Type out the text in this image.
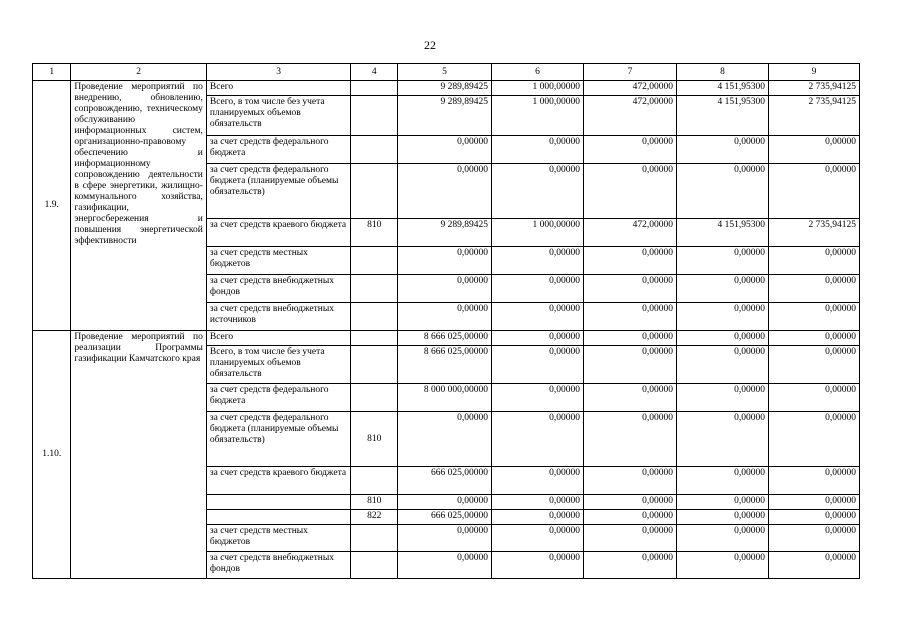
22
1	2	3	4	5	6	7	8	9
1.9.	Проведение мероприятий по внедрению, обновлению, сопровождению, техническому обслуживанию информационных систем, организационно-правовому обеспечению и информационному сопровождению деятельности в сфере энергетики, жилищно-коммунального хозяйства, газификации, энергосбережения и повышения энергетической эффективности	Всего		9 289,89425	1 000,00000	472,00000	4 151,95300	2 735,94125
		Всего, в том числе без учета планируемых объемов обязательств		9 289,89425	1 000,00000	472,00000	4 151,95300	2 735,94125
		за счет средств федерального бюджета		0,00000	0,00000	0,00000	0,00000	0,00000
		за счет средств федерального бюджета (планируемые объемы обязательств)		0,00000	0,00000	0,00000	0,00000	0,00000
		за счет средств краевого бюджета	810	9 289,89425	1 000,00000	472,00000	4 151,95300	2 735,94125
		за счет средств местных бюджетов		0,00000	0,00000	0,00000	0,00000	0,00000
		за счет средств внебюджетных фондов		0,00000	0,00000	0,00000	0,00000	0,00000
		за счет средств внебюджетных источников		0,00000	0,00000	0,00000	0,00000	0,00000
1.10.	Проведение мероприятий по реализации Программы газификации Камчатского края	Всего		8 666 025,00000	0,00000	0,00000	0,00000	0,00000
		Всего, в том числе без учета планируемых объемов обязательств		8 666 025,00000	0,00000	0,00000	0,00000	0,00000
		за счет средств федерального бюджета		8 000 000,00000	0,00000	0,00000	0,00000	0,00000
		за счет средств федерального бюджета (планируемые объемы обязательств)	810	0,00000	0,00000	0,00000	0,00000	0,00000
		за счет средств краевого бюджета		666 025,00000	0,00000	0,00000	0,00000	0,00000
			810	0,00000	0,00000	0,00000	0,00000	0,00000
			822	666 025,00000	0,00000	0,00000	0,00000	0,00000
		за счет средств местных бюджетов		0,00000	0,00000	0,00000	0,00000	0,00000
		за счет средств внебюджетных фондов		0,00000	0,00000	0,00000	0,00000	0,00000
